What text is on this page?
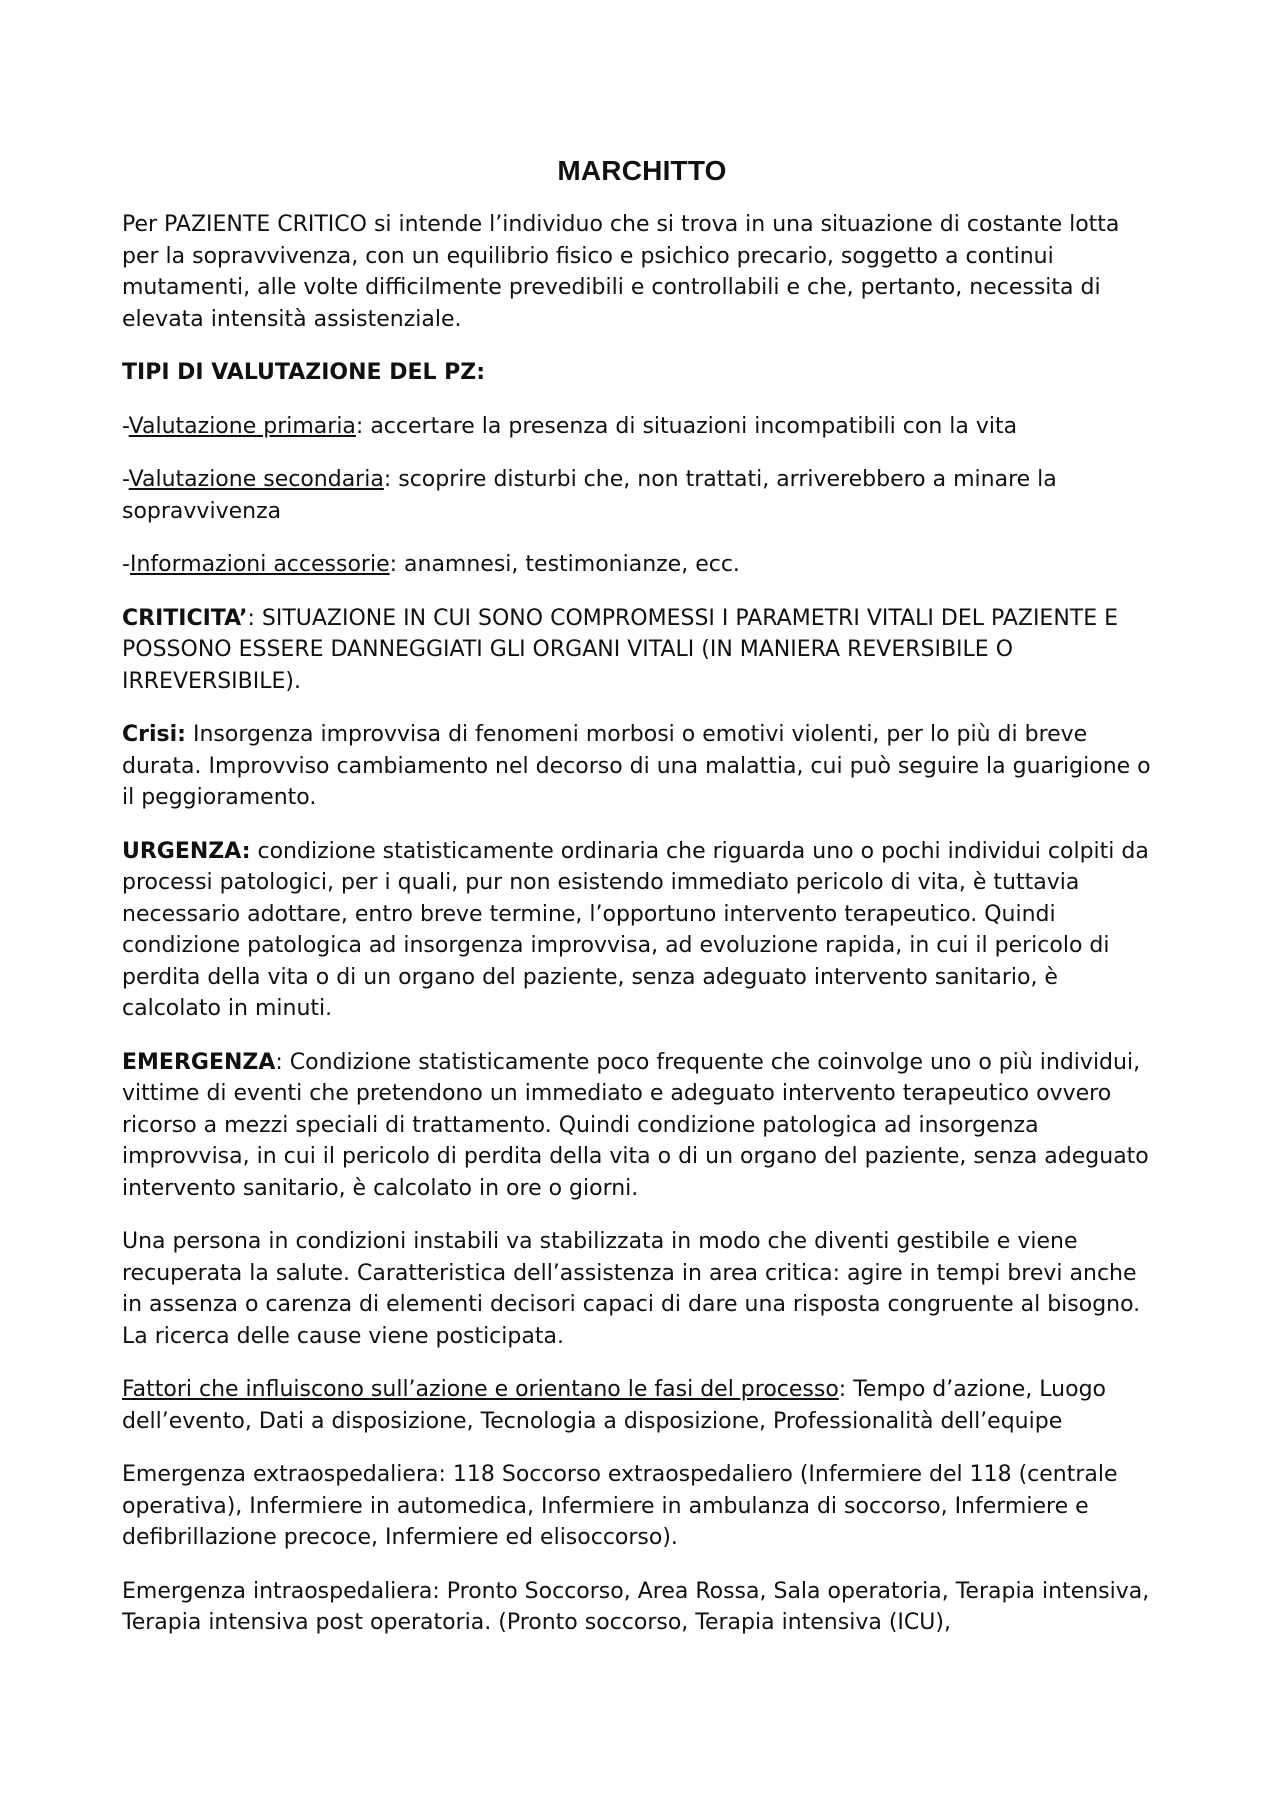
MARCHITTO

Per PAZIENTE CRITICO si intende l’individuo che si trova in una situazione di costante lotta per la sopravvivenza, con un equilibrio fisico e psichico precario, soggetto a continui mutamenti, alle volte difficilmente prevedibili e controllabili e che, pertanto, necessita di elevata intensità assistenziale.

TIPI DI VALUTAZIONE DEL PZ:

-Valutazione primaria: accertare la presenza di situazioni incompatibili con la vita

-Valutazione secondaria: scoprire disturbi che, non trattati, arriverebbero a minare la sopravvivenza

-Informazioni accessorie: anamnesi, testimonianze, ecc.

CRITICITA’: SITUAZIONE IN CUI SONO COMPROMESSI I PARAMETRI VITALI DEL PAZIENTE E POSSONO ESSERE DANNEGGIATI GLI ORGANI VITALI (IN MANIERA REVERSIBILE O IRREVERSIBILE).

Crisi: Insorgenza improvvisa di fenomeni morbosi o emotivi violenti, per lo più di breve durata. Improvviso cambiamento nel decorso di una malattia, cui può seguire la guarigione o il peggioramento.

URGENZA: condizione statisticamente ordinaria che riguarda uno o pochi individui colpiti da processi patologici, per i quali, pur non esistendo immediato pericolo di vita, è tuttavia necessario adottare, entro breve termine, l’opportuno intervento terapeutico. Quindi condizione patologica ad insorgenza improvvisa, ad evoluzione rapida, in cui il pericolo di perdita della vita o di un organo del paziente, senza adeguato intervento sanitario, è calcolato in minuti.

EMERGENZA: Condizione statisticamente poco frequente che coinvolge uno o più individui, vittime di eventi che pretendono un immediato e adeguato intervento terapeutico ovvero ricorso a mezzi speciali di trattamento. Quindi condizione patologica ad insorgenza improvvisa, in cui il pericolo di perdita della vita o di un organo del paziente, senza adeguato intervento sanitario, è calcolato in ore o giorni.

Una persona in condizioni instabili va stabilizzata in modo che diventi gestibile e viene recuperata la salute. Caratteristica dell’assistenza in area critica: agire in tempi brevi anche in assenza o carenza di elementi decisori capaci di dare una risposta congruente al bisogno. La ricerca delle cause viene posticipata.

Fattori che influiscono sull’azione e orientano le fasi del processo: Tempo d’azione, Luogo dell’evento, Dati a disposizione, Tecnologia a disposizione, Professionalità dell’equipe

Emergenza extraospedaliera: 118 Soccorso extraospedaliero (Infermiere del 118 (centrale operativa), Infermiere in automedica, Infermiere in ambulanza di soccorso, Infermiere e defibrillazione precoce, Infermiere ed elisoccorso).

Emergenza intraospedaliera: Pronto Soccorso, Area Rossa, Sala operatoria, Terapia intensiva, Terapia intensiva post operatoria. (Pronto soccorso, Terapia intensiva (ICU),
